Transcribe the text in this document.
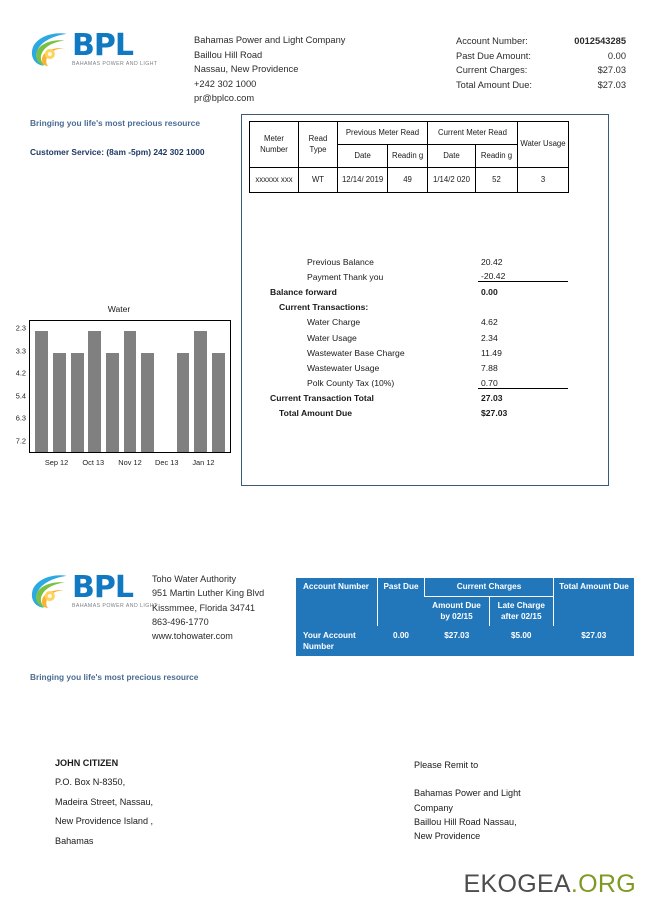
BPL
BAHAMAS POWER AND LIGHT
Bahamas Power and Light Company
Baillou Hill Road
Nassau, New Providence
+242 302 1000
pr@bplco.com
Account Number:	0012543285
Past Due Amount:	0.00
Current Charges:	$27.03
Total Amount Due:	$27.03
Bringing you life's most precious resource
Customer Service: (8am -5pm) 242 302 1000
Meter Number	Read Type	Previous Meter Read		Current Meter Read		Water Usage
		Date	Readin g	Date	Readin g	
xxxxxx xxx	WT	12/14/ 2019	49	1/14/2 020	52	3
Previous Balance	20.42
Payment Thank you	-20.42
Balance forward	0.00
Current Transactions:
Water Charge	4.62
Water Usage	2.34
Wastewater Base Charge	11.49
Wastewater Usage	7.88
Polk County Tax (10%)	0.70
Current Transaction Total	27.03
Total Amount Due	$27.03
Water
2.3
3.3
4.2
5.4
6.3
7.2
Sep 12 Oct 13 Nov 12 Dec 13 Jan 12
BPL
BAHAMAS POWER AND LIGHT
Toho Water Authority
951 Martin Luther King Blvd
Kissmmee, Florida 34741
863-496-1770
www.tohowater.com
Bringing you life's most precious resource
Account Number	Past Due	Current Charges		Total Amount Due
		Amount Due by 02/15	Late Charge after 02/15	
Your Account Number	0.00	$27.03	$5.00	$27.03
JOHN CITIZEN
P.O. Box N-8350,
Madeira Street, Nassau,
New Providence Island ,
Bahamas
Please Remit to
Bahamas Power and Light
Company
Baillou Hill Road Nassau,
New Providence
EKOGEA.ORG
